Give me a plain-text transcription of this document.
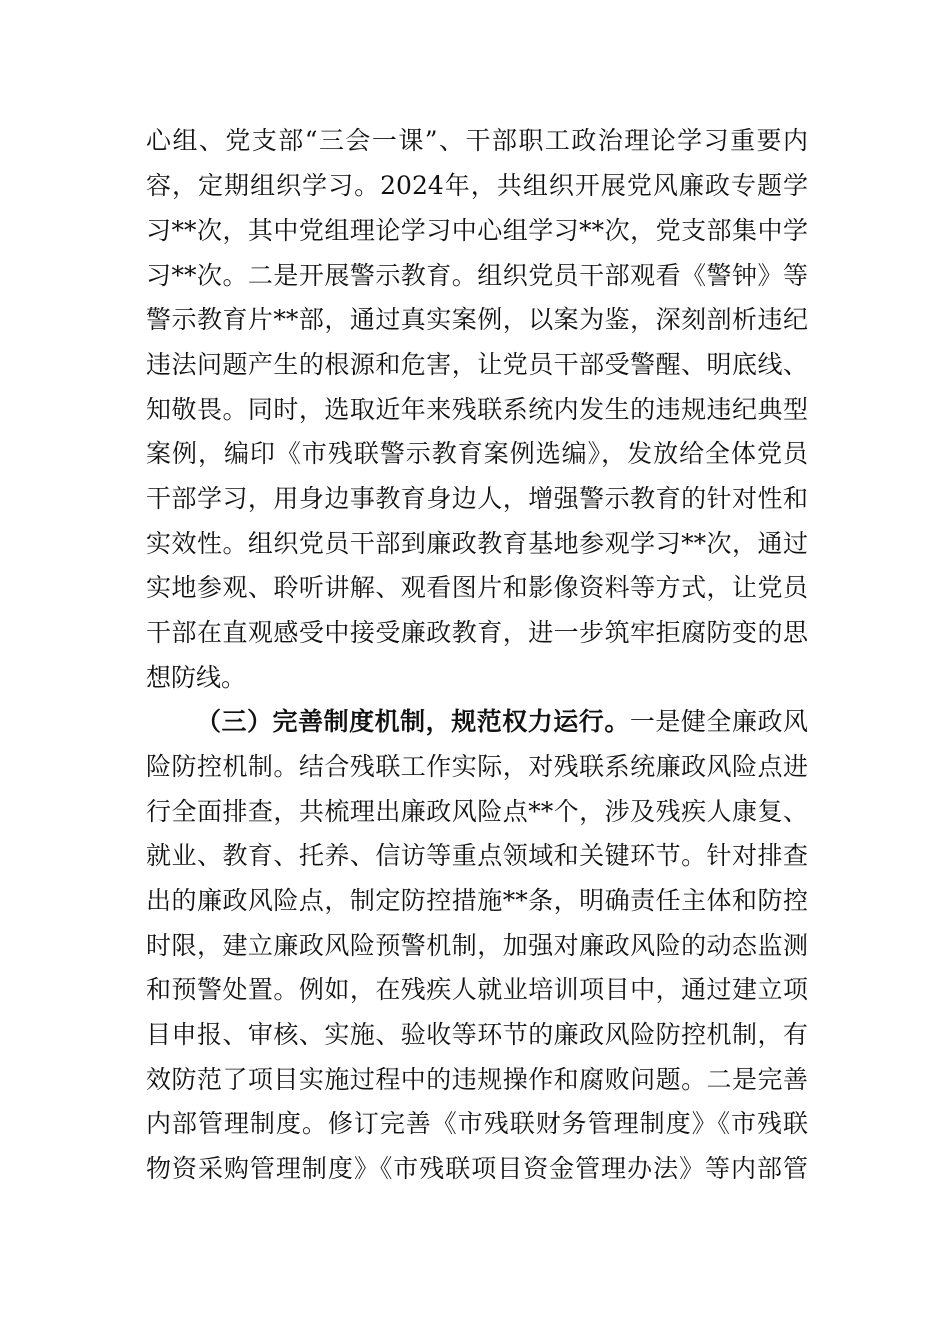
心组、党支部“三会一课”、干部职工政治理论学习重要内
容，定期组织学习。2024年，共组织开展党风廉政专题学
习**次，其中党组理论学习中心组学习**次，党支部集中学
习**次。二是开展警示教育。组织党员干部观看《警钟》等
警示教育片**部，通过真实案例，以案为鉴，深刻剖析违纪
违法问题产生的根源和危害，让党员干部受警醒、明底线、
知敬畏。同时，选取近年来残联系统内发生的违规违纪典型
案例，编印《市残联警示教育案例选编》，发放给全体党员
干部学习，用身边事教育身边人，增强警示教育的针对性和
实效性。组织党员干部到廉政教育基地参观学习**次，通过
实地参观、聆听讲解、观看图片和影像资料等方式，让党员
干部在直观感受中接受廉政教育，进一步筑牢拒腐防变的思
想防线。
（三）完善制度机制，规范权力运行。一是健全廉政风
险防控机制。结合残联工作实际，对残联系统廉政风险点进
行全面排查，共梳理出廉政风险点**个，涉及残疾人康复、
就业、教育、托养、信访等重点领域和关键环节。针对排查
出的廉政风险点，制定防控措施**条，明确责任主体和防控
时限，建立廉政风险预警机制，加强对廉政风险的动态监测
和预警处置。例如，在残疾人就业培训项目中，通过建立项
目申报、审核、实施、验收等环节的廉政风险防控机制，有
效防范了项目实施过程中的违规操作和腐败问题。二是完善
内部管理制度。修订完善《市残联财务管理制度》《市残联
物资采购管理制度》《市残联项目资金管理办法》等内部管
